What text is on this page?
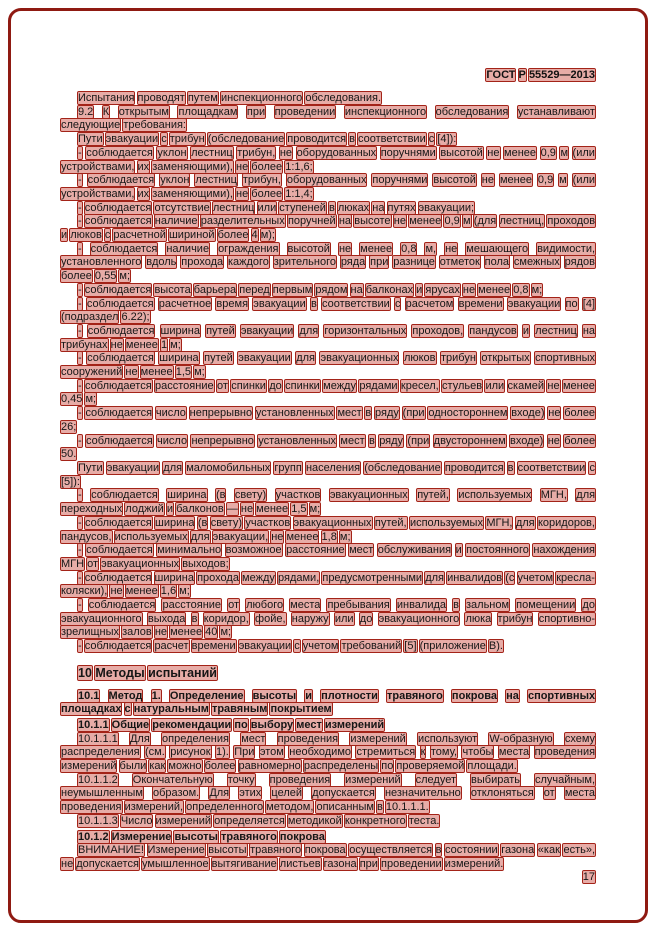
ГОСТ Р 55529—2013

Испытания проводят путем инспекционного обследования.

9.2 К открытым площадкам при проведении инспекционного обследования устанавливают следующие требования:

Пути эвакуации с трибун (обследование проводится в соответствии с [4]):

- соблюдается уклон лестниц трибун, не оборудованных поручнями высотой не менее 0,9 м (или устройствами, их заменяющими), не более 1:1,6;

- соблюдается уклон лестниц трибун, оборудованных поручнями высотой не менее 0,9 м (или устройствами, их заменяющими), не более 1:1,4;

- соблюдается отсутствие лестниц или ступеней в люках на путях эвакуации;

- соблюдается наличие разделительных поручней на высоте не менее 0,9 м (для лестниц, проходов и люков с расчетной шириной более 4 м);

- соблюдается наличие ограждения высотой не менее 0,8 м, не мешающего видимости, установленного вдоль прохода каждого зрительного ряда при разнице отметок пола смежных рядов более 0,55 м;

- соблюдается высота барьера перед первым рядом на балконах и ярусах не менее 0,8 м;

- соблюдается расчетное время эвакуации в соответствии с расчетом времени эвакуации по [4] (подраздел 6.22);

- соблюдается ширина путей эвакуации для горизонтальных проходов, пандусов и лестниц на трибунах не менее 1 м;

- соблюдается ширина путей эвакуации для эвакуационных люков трибун открытых спортивных сооружений не менее 1,5 м;

- соблюдается расстояние от спинки до спинки между рядами кресел, стульев или скамей не менее 0,45 м;

- соблюдается число непрерывно установленных мест в ряду (при одностороннем входе) не более 26;

- соблюдается число непрерывно установленных мест в ряду (при двустороннем входе) не более 50.

Пути эвакуации для маломобильных групп населения (обследование проводится в соответствии с [5]):

- соблюдается ширина (в свету) участков эвакуационных путей, используемых МГН, для переходных лоджий и балконов — не менее 1,5 м;

- соблюдается ширина (в свету) участков эвакуационных путей, используемых МГН, для коридоров, пандусов, используемых для эвакуации, не менее 1,8 м;

- соблюдается минимально возможное расстояние мест обслуживания и постоянного нахождения МГН от эвакуационных выходов;

- соблюдается ширина прохода между рядами, предусмотренными для инвалидов (с учетом кресла-коляски), не менее 1,6 м;

- соблюдается расстояние от любого места пребывания инвалида в зальном помещении до эвакуационного выхода в коридор, фойе, наружу или до эвакуационного люка трибун спортивно-зрелищных залов не менее 40 м;

- соблюдается расчет времени эвакуации с учетом требований [5] (приложение В).

10 Методы испытаний

10.1 Метод 1. Определение высоты и плотности травяного покрова на спортивных площадках с натуральным травяным покрытием

10.1.1 Общие рекомендации по выбору мест измерений

10.1.1.1 Для определения мест проведения измерений используют W-образную схему распределения (см. рисунок 1). При этом необходимо стремиться к тому, чтобы места проведения измерений были как можно более равномерно распределены по проверяемой площади.

10.1.1.2 Окончательную точку проведения измерений следует выбирать случайным, неумышленным образом. Для этих целей допускается незначительно отклоняться от места проведения измерений, определенного методом, описанным в 10.1.1.1.

10.1.1.3 Число измерений определяется методикой конкретного теста.

10.1.2 Измерение высоты травяного покрова

ВНИМАНИЕ! Измерение высоты травяного покрова осуществляется в состоянии газона «как есть», не допускается умышленное вытягивание листьев газона при проведении измерений.

17
